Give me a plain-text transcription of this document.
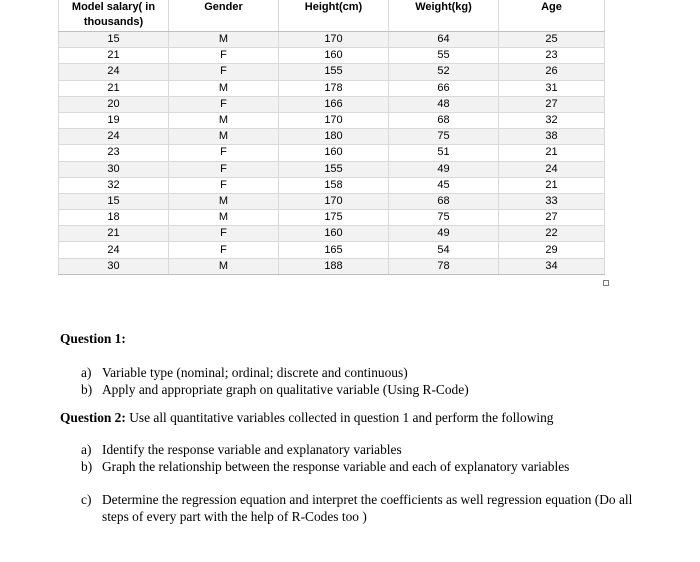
Model salary( in thousands)	Gender	Height(cm)	Weight(kg)	Age
15	M	170	64	25
21	F	160	55	23
24	F	155	52	26
21	M	178	66	31
20	F	166	48	27
19	M	170	68	32
24	M	180	75	38
23	F	160	51	21
30	F	155	49	24
32	F	158	45	21
15	M	170	68	33
18	M	175	75	27
21	F	160	49	22
24	F	165	54	29
30	M	188	78	34

Question 1:

a) Variable type (nominal; ordinal; discrete and continuous)
b) Apply and appropriate graph on qualitative variable (Using R-Code)
Question 2: Use all quantitative variables collected in question 1 and perform the following
a) Identify the response variable and explanatory variables
b) Graph the relationship between the response variable and each of explanatory variables
c) Determine the regression equation and interpret the coefficients as well regression equation (Do all steps of every part with the help of R-Codes too )
